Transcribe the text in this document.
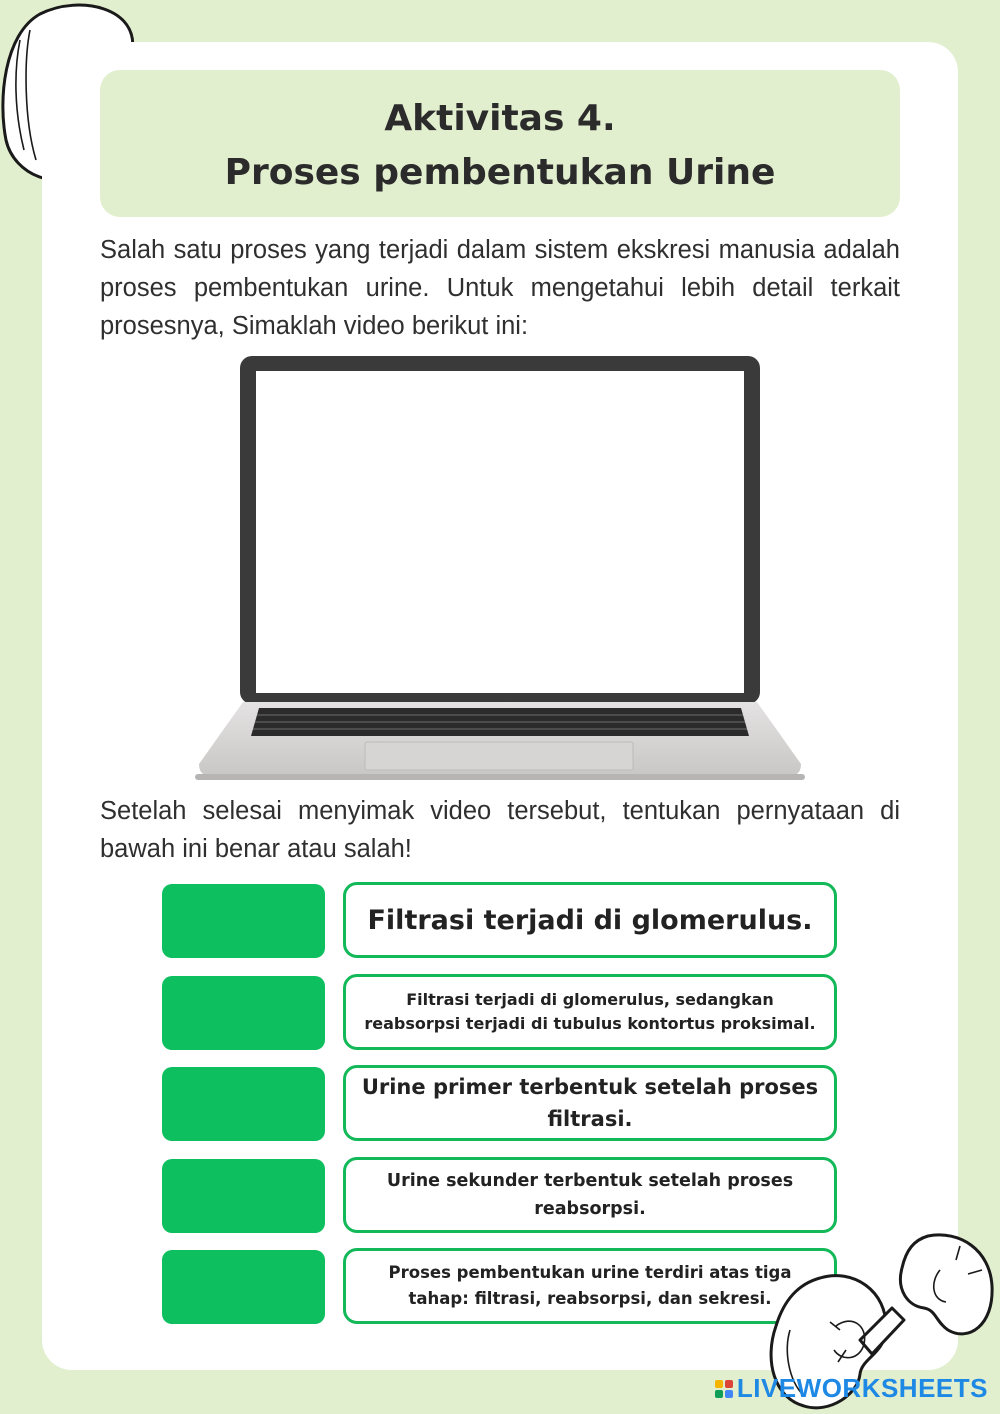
Aktivitas 4.
Proses pembentukan Urine

Salah satu proses yang terjadi dalam sistem ekskresi manusia adalah proses pembentukan urine. Untuk mengetahui lebih detail terkait prosesnya, Simaklah video berikut ini:

Setelah selesai menyimak video tersebut, tentukan pernyataan di bawah ini benar atau salah!

Filtrasi terjadi di glomerulus.
Filtrasi terjadi di glomerulus, sedangkan reabsorpsi terjadi di tubulus kontortus proksimal.
Urine primer terbentuk setelah proses filtrasi.
Urine sekunder terbentuk setelah proses reabsorpsi.
Proses pembentukan urine terdiri atas tiga tahap: filtrasi, reabsorpsi, dan sekresi.
LIVEWORKSHEETS
